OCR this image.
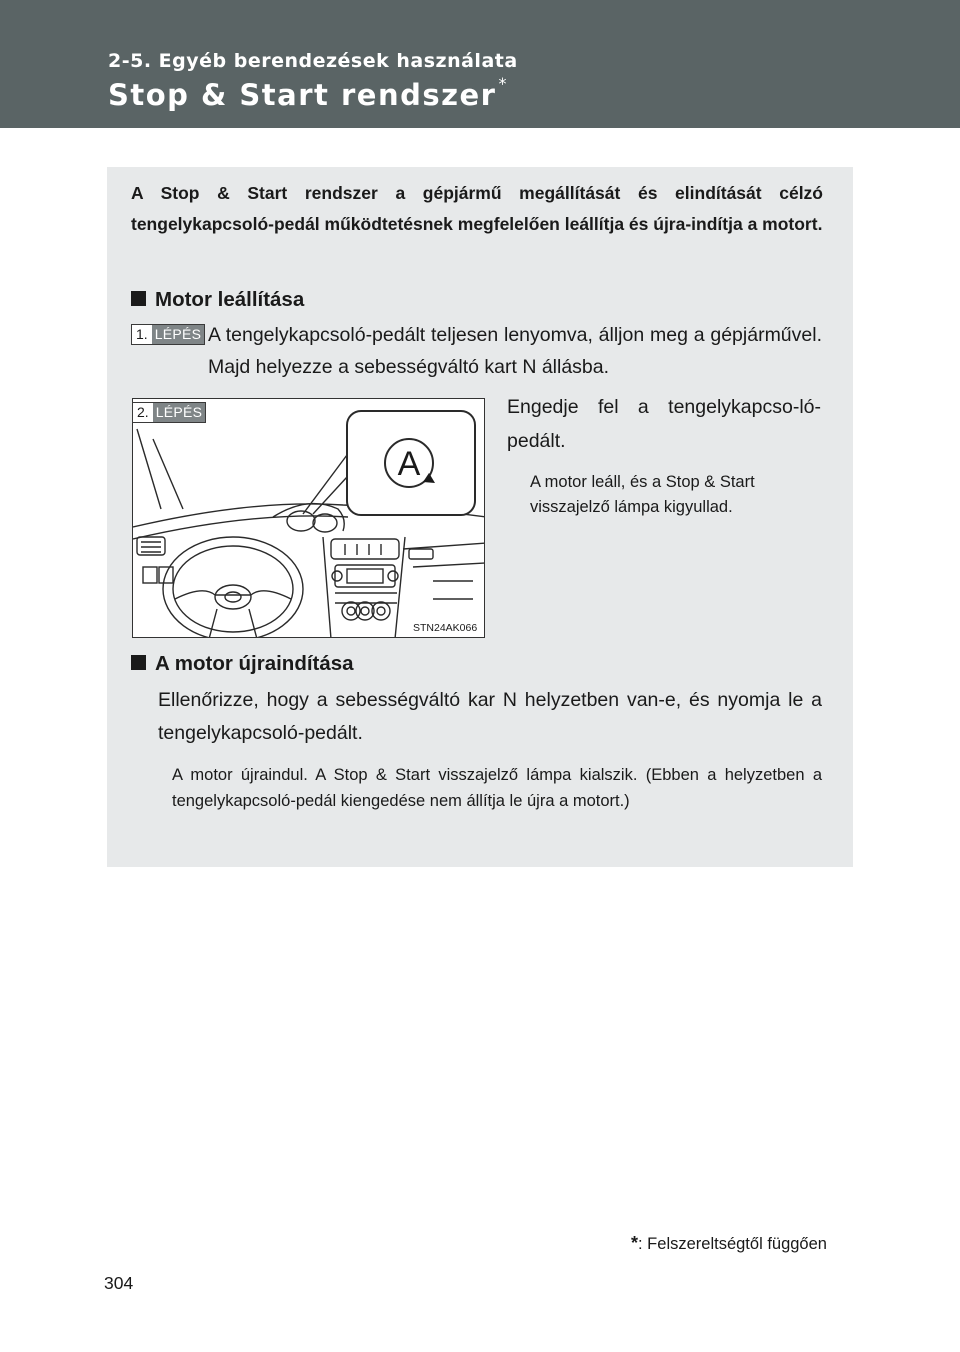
2-5. Egyéb berendezések használata
Stop & Start rendszer *
A Stop & Start rendszer a gépjármű megállítását és elindítását célzó tengelykapcsoló-pedál működtetésnek megfelelően leállítja és újra-indítja a motort.
Motor leállítása
1. LÉPÉS A tengelykapcsoló-pedált teljesen lenyomva, álljon meg a gépjárművel. Majd helyezze a sebességváltó kart N állásba.
A
2. LÉPÉS
STN24AK066
Engedje fel a tengelykapcso-ló-pedált.
A motor leáll, és a Stop & Start visszajelző lámpa kigyullad.
A motor újraindítása
Ellenőrizze, hogy a sebességváltó kar N helyzetben van-e, és nyomja le a tengelykapcsoló-pedált.
A motor újraindul. A Stop & Start visszajelző lámpa kialszik. (Ebben a helyzetben a tengelykapcsoló-pedál kiengedése nem állítja le újra a motort.)
*: Felszereltségtől függően
304
